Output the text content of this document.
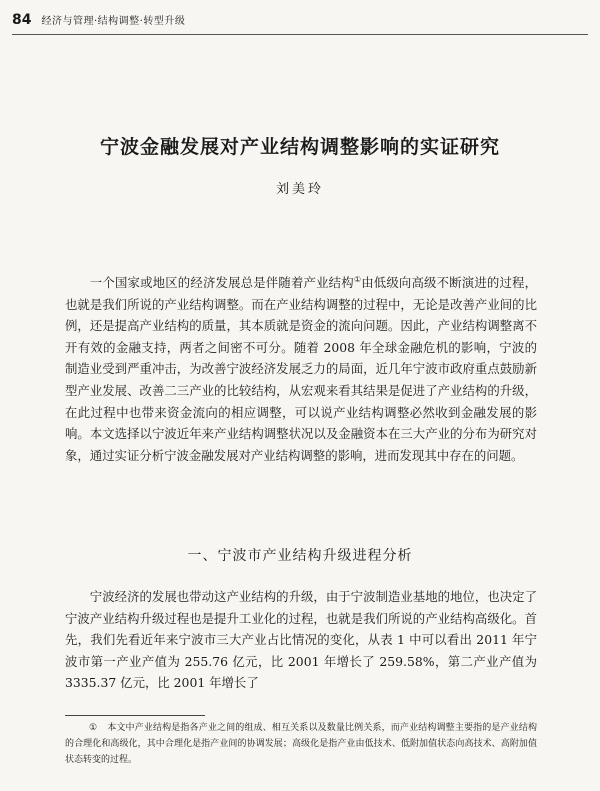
84 经济与管理·结构调整·转型升级
宁波金融发展对产业结构调整影响的实证研究
刘美玲

一个国家或地区的经济发展总是伴随着产业结构①由低级向高级不断演进的过程，也就是我们所说的产业结构调整。而在产业结构调整的过程中，无论是改善产业间的比例，还是提高产业结构的质量，其本质就是资金的流向问题。因此，产业结构调整离不开有效的金融支持，两者之间密不可分。随着 2008 年全球金融危机的影响，宁波的制造业受到严重冲击，为改善宁波经济发展乏力的局面，近几年宁波市政府重点鼓励新型产业发展、改善二三产业的比较结构，从宏观来看其结果是促进了产业结构的升级，在此过程中也带来资金流向的相应调整，可以说产业结构调整必然收到金融发展的影响。本文选择以宁波近年来产业结构调整状况以及金融资本在三大产业的分布为研究对象，通过实证分析宁波金融发展对产业结构调整的影响，进而发现其中存在的问题。

一、宁波市产业结构升级进程分析

宁波经济的发展也带动这产业结构的升级，由于宁波制造业基地的地位，也决定了宁波产业结构升级过程也是提升工业化的过程，也就是我们所说的产业结构高级化。首先，我们先看近年来宁波市三大产业占比情况的变化，从表 1 中可以看出 2011 年宁波市第一产业产值为 255.76 亿元，比 2001 年增长了 259.58%，第二产业产值为 3335.37 亿元，比 2001 年增长了

① 本文中产业结构是指各产业之间的组成、相互关系以及数量比例关系，而产业结构调整主要指的是产业结构的合理化和高级化，其中合理化是指产业间的协调发展；高级化是指产业由低技术、低附加值状态向高技术、高附加值状态转变的过程。
